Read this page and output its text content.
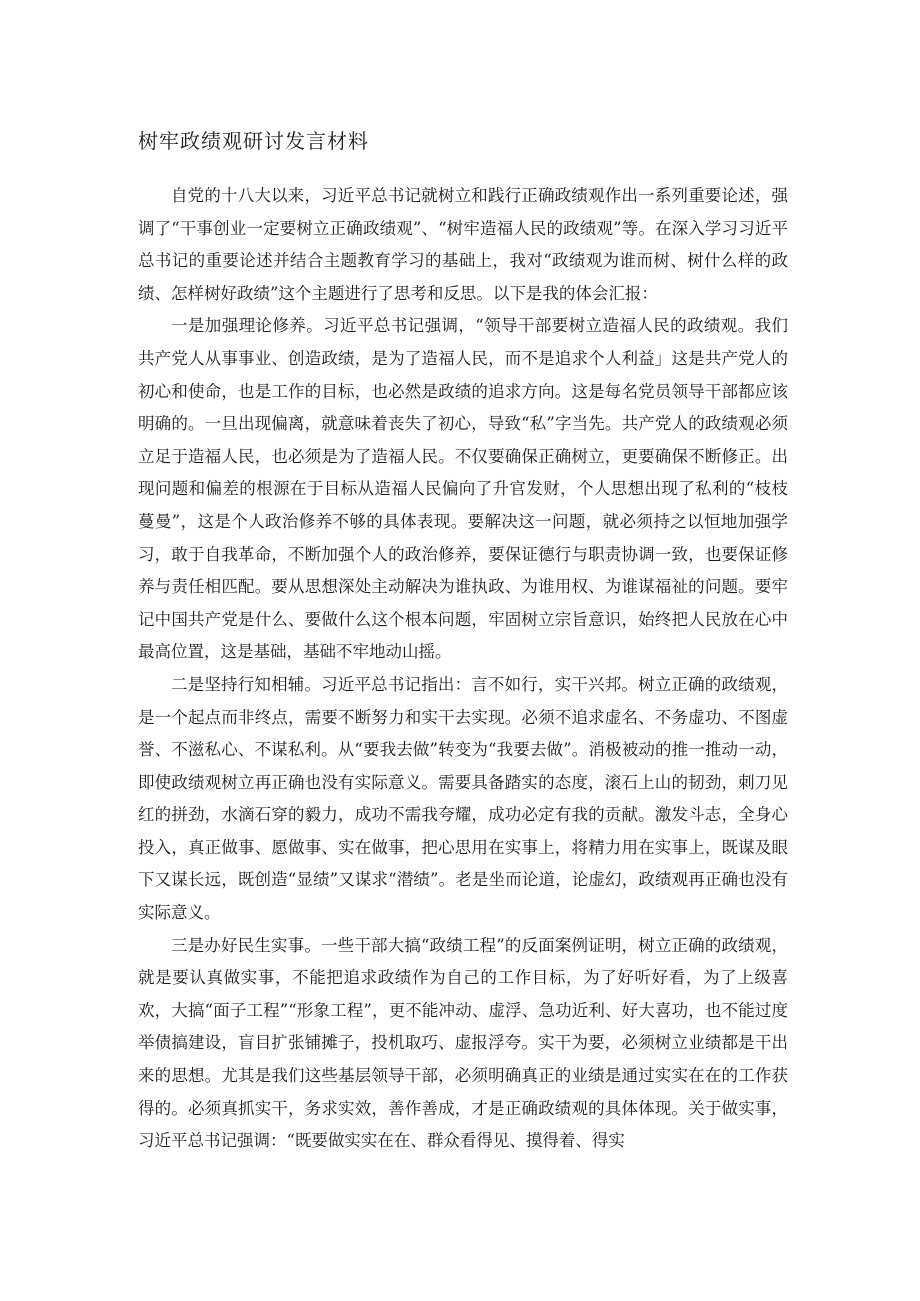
树牢政绩观研讨发言材料

自党的十八大以来，习近平总书记就树立和践行正确政绩观作出一系列重要论述，强调了“干事创业一定要树立正确政绩观”、“树牢造福人民的政绩观”等。在深入学习习近平总书记的重要论述并结合主题教育学习的基础上，我对“政绩观为谁而树、树什么样的政绩、怎样树好政绩”这个主题进行了思考和反思。以下是我的体会汇报：

一是加强理论修养。习近平总书记强调，“领导干部要树立造福人民的政绩观。我们共产党人从事事业、创造政绩，是为了造福人民，而不是追求个人利益」这是共产党人的初心和使命，也是工作的目标，也必然是政绩的追求方向。这是每名党员领导干部都应该明确的。一旦出现偏离，就意味着丧失了初心，导致“私”字当先。共产党人的政绩观必须立足于造福人民，也必须是为了造福人民。不仅要确保正确树立，更要确保不断修正。出现问题和偏差的根源在于目标从造福人民偏向了升官发财，个人思想出现了私利的“枝枝蔓曼”，这是个人政治修养不够的具体表现。要解决这一问题，就必须持之以恒地加强学习，敢于自我革命，不断加强个人的政治修养，要保证德行与职责协调一致，也要保证修养与责任相匹配。要从思想深处主动解决为谁执政、为谁用权、为谁谋福祉的问题。要牢记中国共产党是什么、要做什么这个根本问题，牢固树立宗旨意识，始终把人民放在心中最高位置，这是基础，基础不牢地动山摇。

二是坚持行知相辅。习近平总书记指出：言不如行，实干兴邦。树立正确的政绩观，是一个起点而非终点，需要不断努力和实干去实现。必须不追求虚名、不务虚功、不图虚誉、不滋私心、不谋私利。从“要我去做”转变为“我要去做”。消极被动的推一推动一动，即使政绩观树立再正确也没有实际意义。需要具备踏实的态度，滚石上山的韧劲，刺刀见红的拼劲，水滴石穿的毅力，成功不需我夸耀，成功必定有我的贡献。激发斗志，全身心投入，真正做事、愿做事、实在做事，把心思用在实事上，将精力用在实事上，既谋及眼下又谋长远，既创造“显绩”又谋求“潜绩”。老是坐而论道，论虚幻，政绩观再正确也没有实际意义。

三是办好民生实事。一些干部大搞“政绩工程”的反面案例证明，树立正确的政绩观，就是要认真做实事，不能把追求政绩作为自己的工作目标，为了好听好看，为了上级喜欢，大搞“面子工程”“形象工程”，更不能冲动、虚浮、急功近利、好大喜功，也不能过度举债搞建设，盲目扩张铺摊子，投机取巧、虚报浮夸。实干为要，必须树立业绩都是干出来的思想。尤其是我们这些基层领导干部，必须明确真正的业绩是通过实实在在的工作获得的。必须真抓实干，务求实效，善作善成，才是正确政绩观的具体体现。关于做实事，习近平总书记强调：“既要做实实在在、群众看得见、摸得着、得实
